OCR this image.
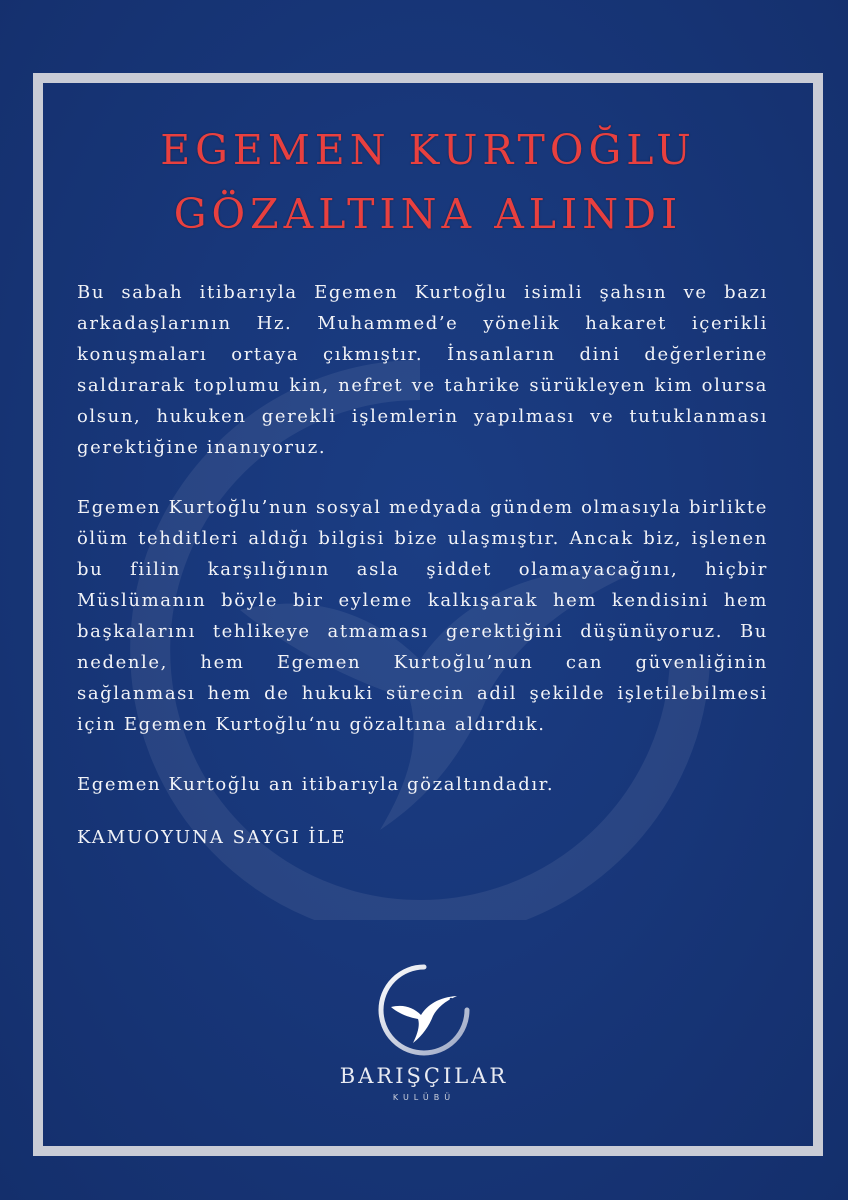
EGEMEN KURTOĞLU
GÖZALTINA ALINDI

Bu sabah itibarıyla Egemen Kurtoğlu isimli şahsın ve bazı arkadaşlarının Hz. Muhammed’e yönelik hakaret içerikli konuşmaları ortaya çıkmıştır. İnsanların dini değerlerine saldırarak toplumu kin, nefret ve tahrike sürükleyen kim olursa olsun, hukuken gerekli işlemlerin yapılması ve tutuklanması gerektiğine inanıyoruz.

Egemen Kurtoğlu’nun sosyal medyada gündem olmasıyla birlikte ölüm tehditleri aldığı bilgisi bize ulaşmıştır. Ancak biz, işlenen bu fiilin karşılığının asla şiddet olamayacağını, hiçbir Müslümanın böyle bir eyleme kalkışarak hem kendisini hem başkalarını tehlikeye atmaması gerektiğini düşünüyoruz. Bu nedenle, hem Egemen Kurtoğlu’nun can güvenliğinin sağlanması hem de hukuki sürecin adil şekilde işletilebilmesi için Egemen Kurtoğlu‘nu gözaltına aldırdık.

Egemen Kurtoğlu an itibarıyla gözaltındadır.

KAMUOYUNA SAYGI İLE

BARIŞÇILAR
KULÜBÜ
